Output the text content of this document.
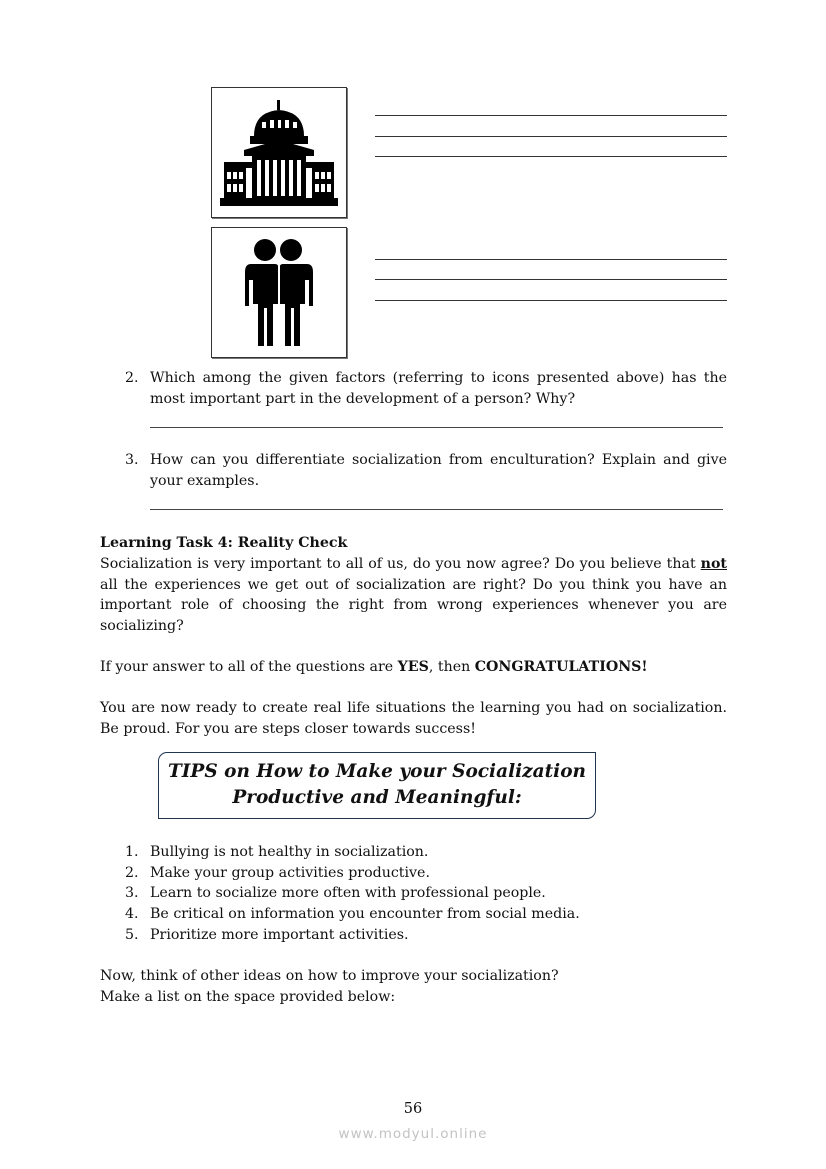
2. Which among the given factors (referring to icons presented above) has the most important part in the development of a person? Why?
3. How can you differentiate socialization from enculturation? Explain and give your examples.
Learning Task 4: Reality Check
Socialization is very important to all of us, do you now agree? Do you believe that not all the experiences we get out of socialization are right? Do you think you have an important role of choosing the right from wrong experiences whenever you are socializing?
If your answer to all of the questions are YES, then CONGRATULATIONS!
You are now ready to create real life situations the learning you had on socialization. Be proud. For you are steps closer towards success!
TIPS on How to Make your Socialization
Productive and Meaningful:
1. Bullying is not healthy in socialization.
2. Make your group activities productive.
3. Learn to socialize more often with professional people.
4. Be critical on information you encounter from social media.
5. Prioritize more important activities.
Now, think of other ideas on how to improve your socialization?
Make a list on the space provided below:
56
www.modyul.online
